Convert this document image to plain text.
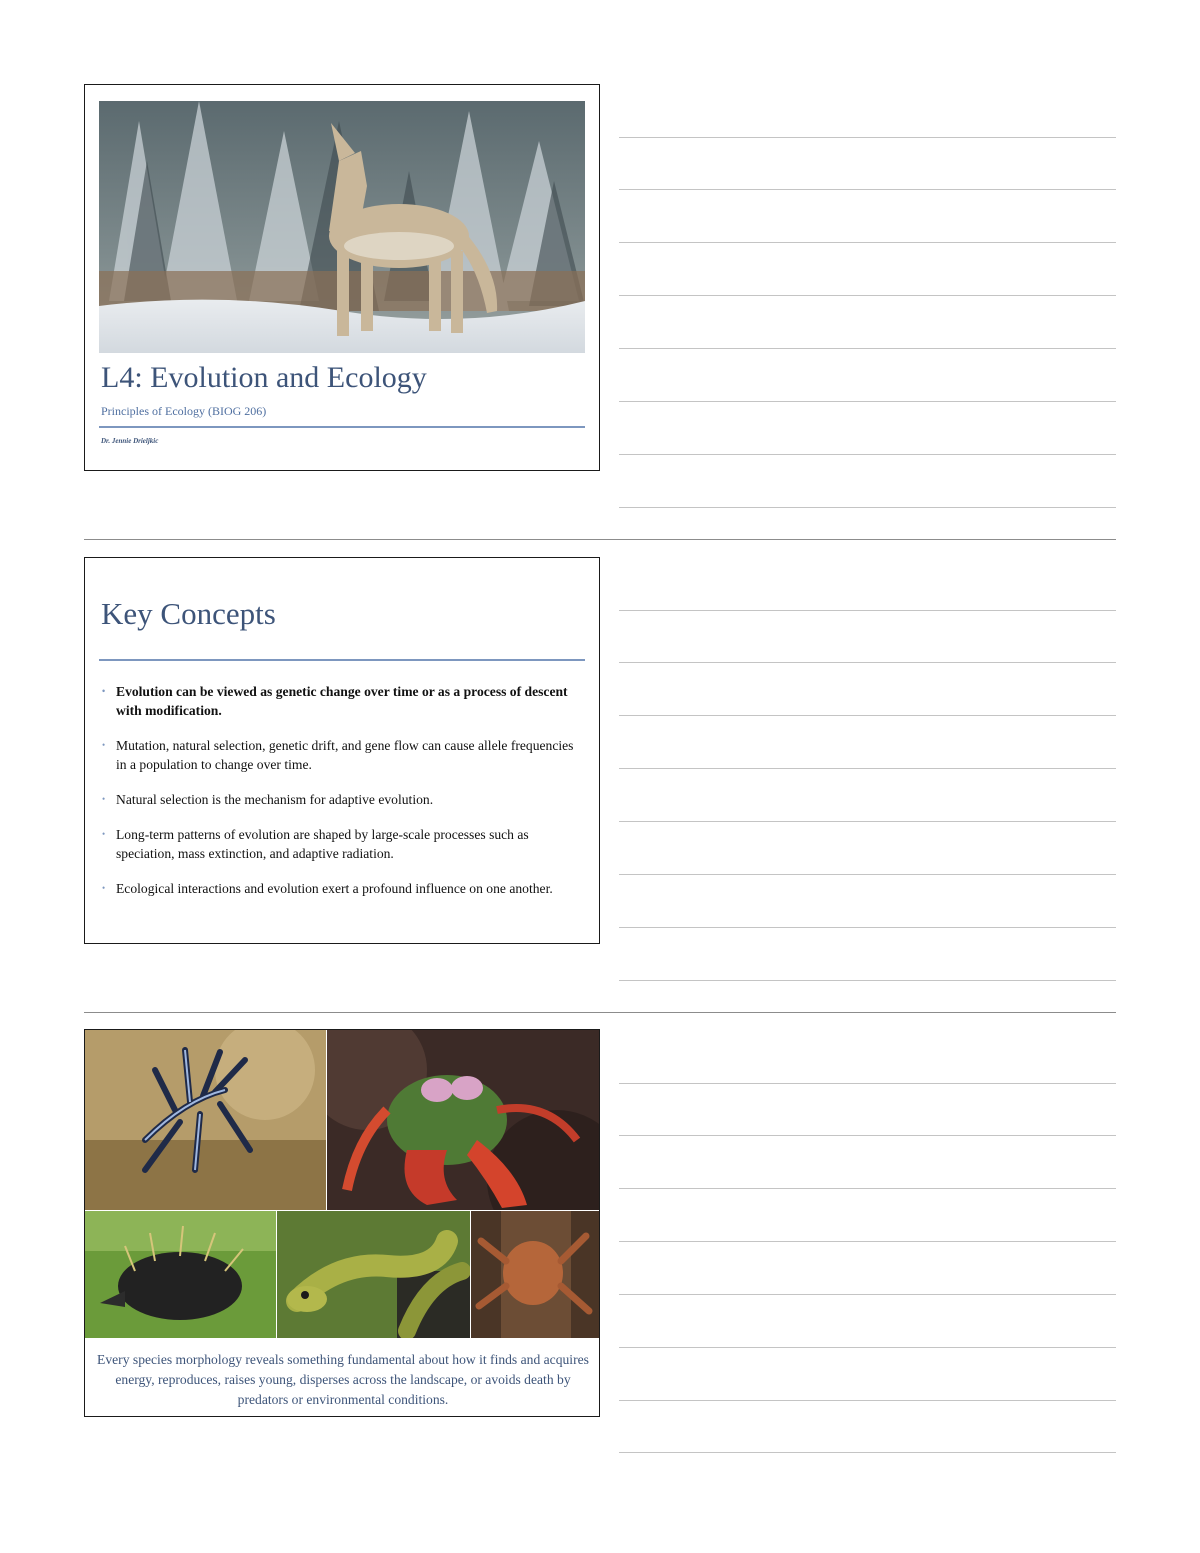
L4: Evolution and Ecology
Principles of Ecology (BIOG 206)
Dr. Jennie Drieljkic
Key Concepts
• Evolution can be viewed as genetic change over time or as a process of descent with modification.
• Mutation, natural selection, genetic drift, and gene flow can cause allele frequencies in a population to change over time.
• Natural selection is the mechanism for adaptive evolution.
• Long-term patterns of evolution are shaped by large-scale processes such as speciation, mass extinction, and adaptive radiation.
• Ecological interactions and evolution exert a profound influence on one another.
Every species morphology reveals something fundamental about how it finds and acquires energy, reproduces, raises young, disperses across the landscape, or avoids death by predators or environmental conditions.
